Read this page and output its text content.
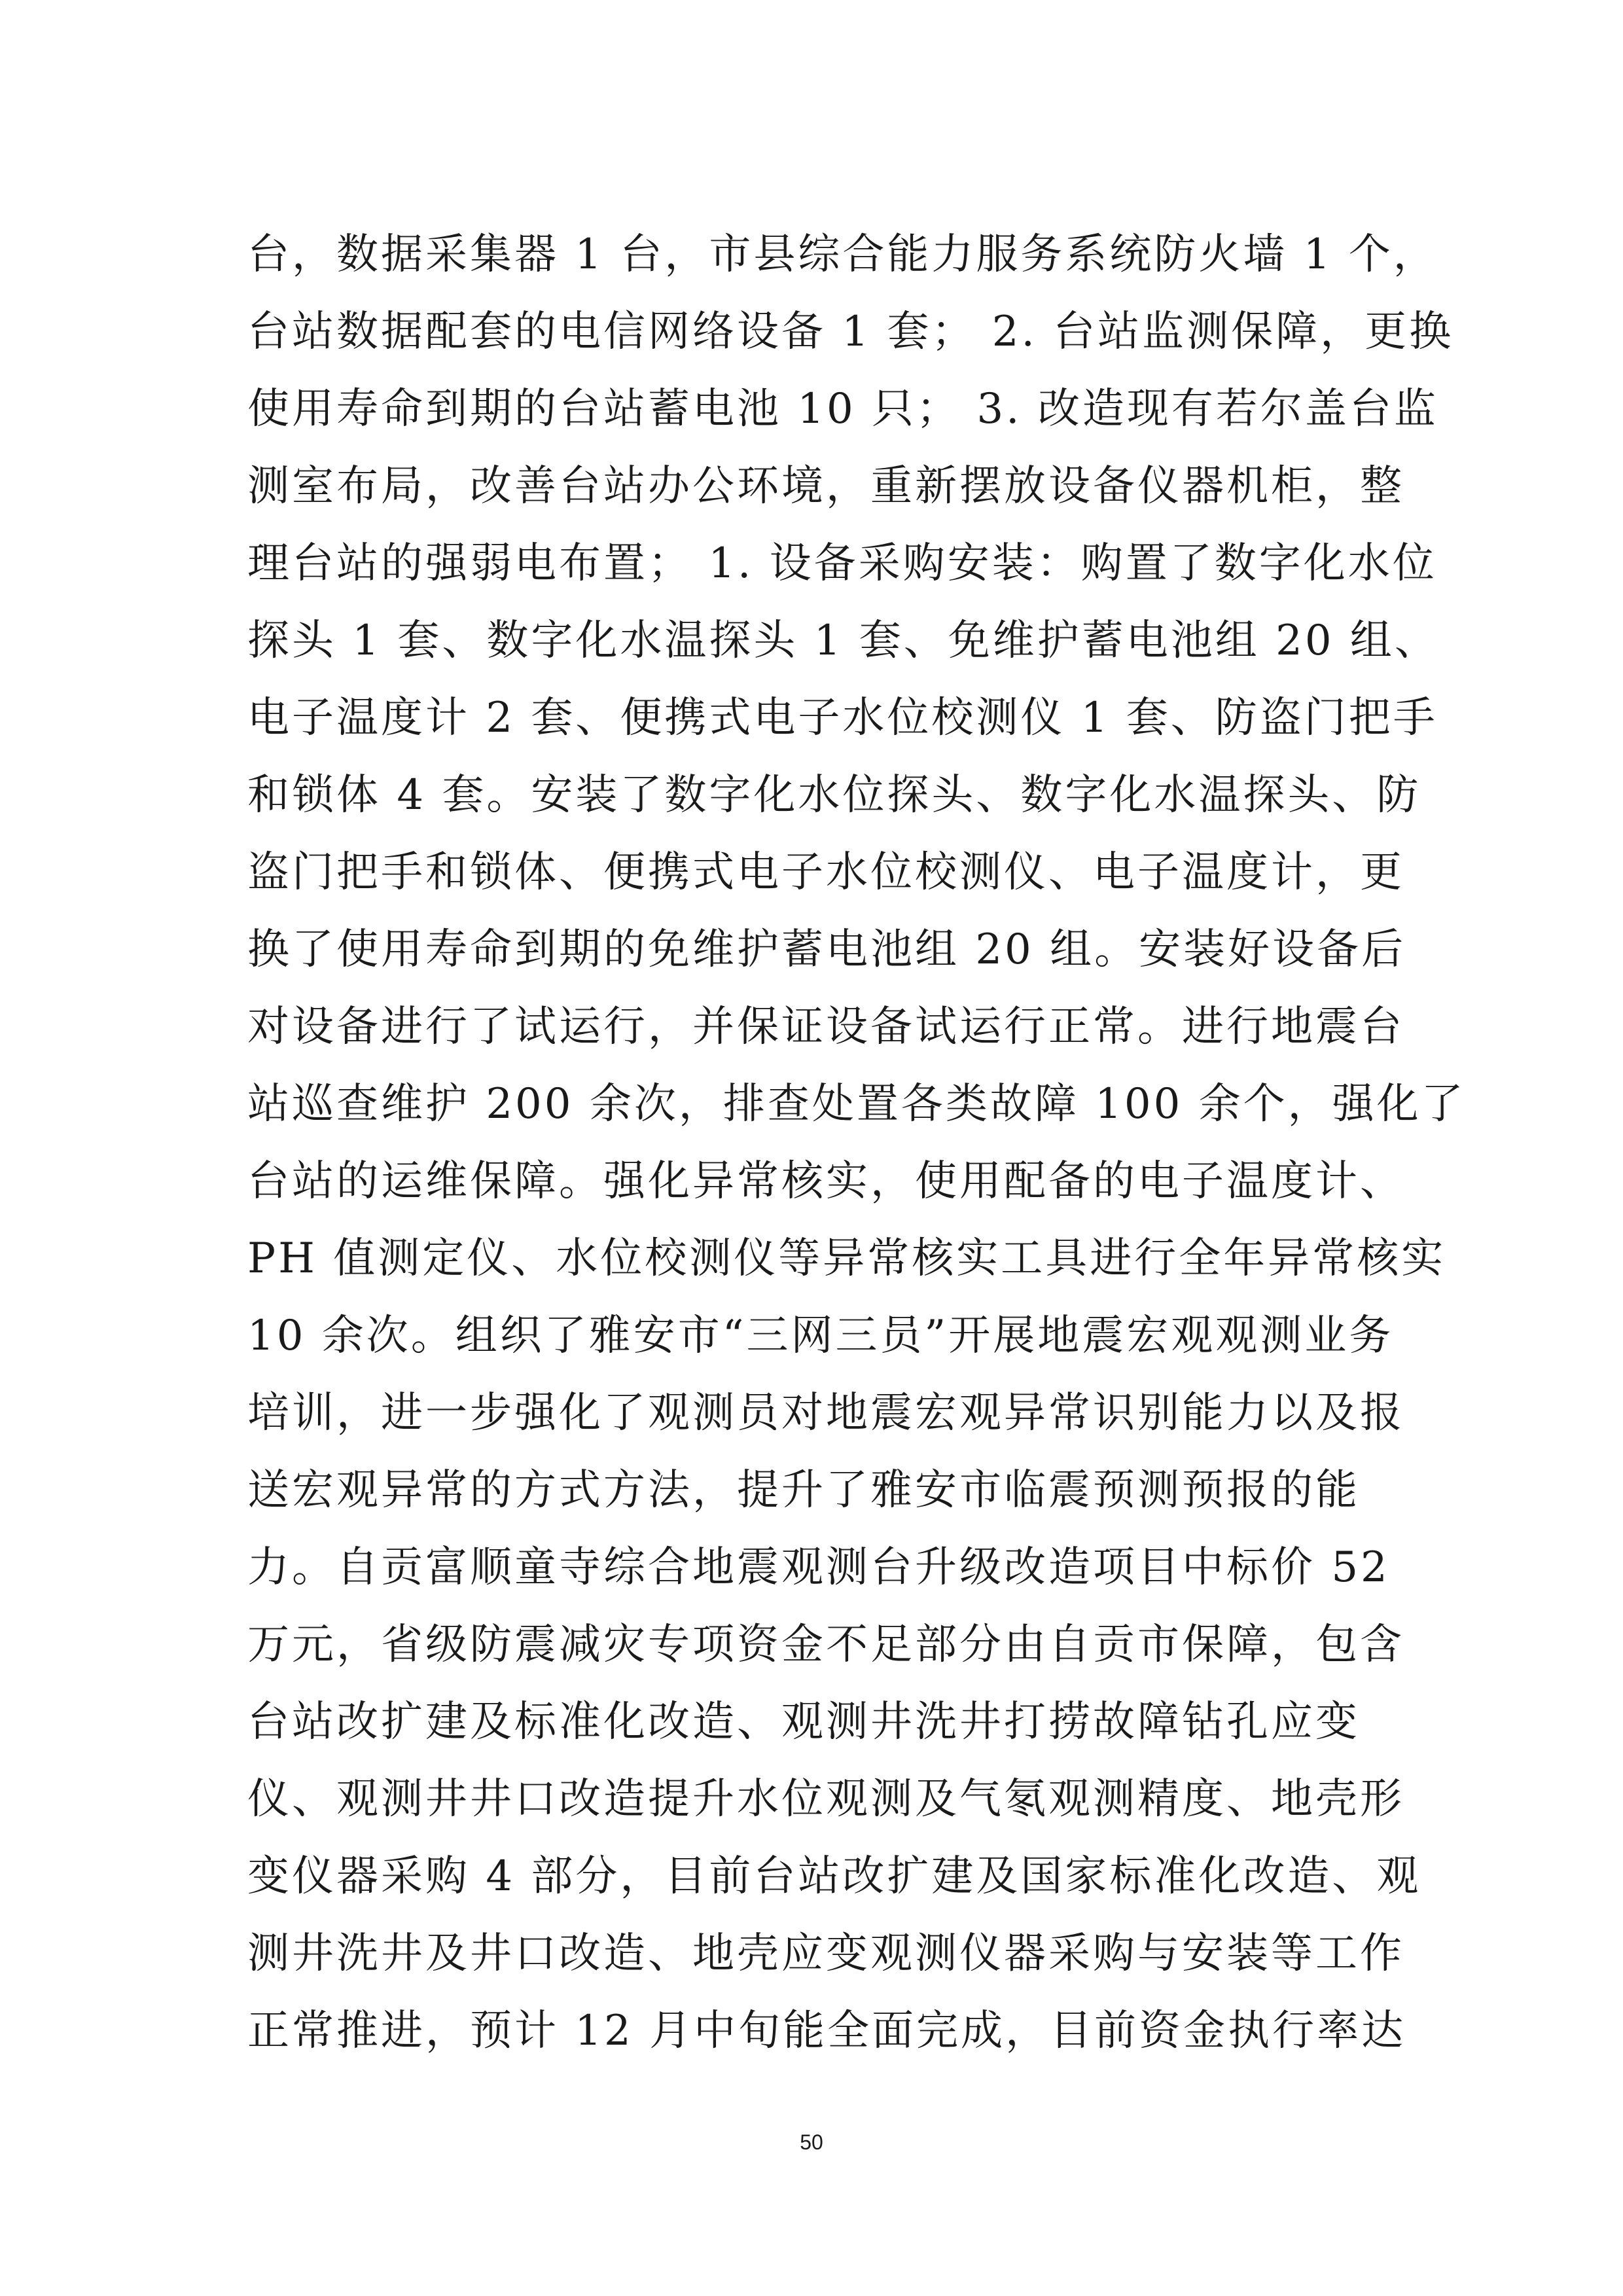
台，数据采集器 1 台，市县综合能力服务系统防火墙 1 个，
台站数据配套的电信网络设备 1 套； 2. 台站监测保障，更换
使用寿命到期的台站蓄电池 10 只； 3. 改造现有若尔盖台监
测室布局，改善台站办公环境，重新摆放设备仪器机柜，整
理台站的强弱电布置； 1. 设备采购安装：购置了数字化水位
探头 1 套、数字化水温探头 1 套、免维护蓄电池组 20 组、
电子温度计 2 套、便携式电子水位校测仪 1 套、防盗门把手
和锁体 4 套。安装了数字化水位探头、数字化水温探头、防
盗门把手和锁体、便携式电子水位校测仪、电子温度计，更
换了使用寿命到期的免维护蓄电池组 20 组。安装好设备后
对设备进行了试运行，并保证设备试运行正常。进行地震台
站巡查维护 200 余次，排查处置各类故障 100 余个，强化了
台站的运维保障。强化异常核实，使用配备的电子温度计、
PH 值测定仪、水位校测仪等异常核实工具进行全年异常核实
10 余次。组织了雅安市“三网三员”开展地震宏观观测业务
培训，进一步强化了观测员对地震宏观异常识别能力以及报
送宏观异常的方式方法，提升了雅安市临震预测预报的能
力。自贡富顺童寺综合地震观测台升级改造项目中标价 52
万元，省级防震减灾专项资金不足部分由自贡市保障，包含
台站改扩建及标准化改造、观测井洗井打捞故障钻孔应变
仪、观测井井口改造提升水位观测及气氡观测精度、地壳形
变仪器采购 4 部分，目前台站改扩建及国家标准化改造、观
测井洗井及井口改造、地壳应变观测仪器采购与安装等工作
正常推进，预计 12 月中旬能全面完成，目前资金执行率达
50
